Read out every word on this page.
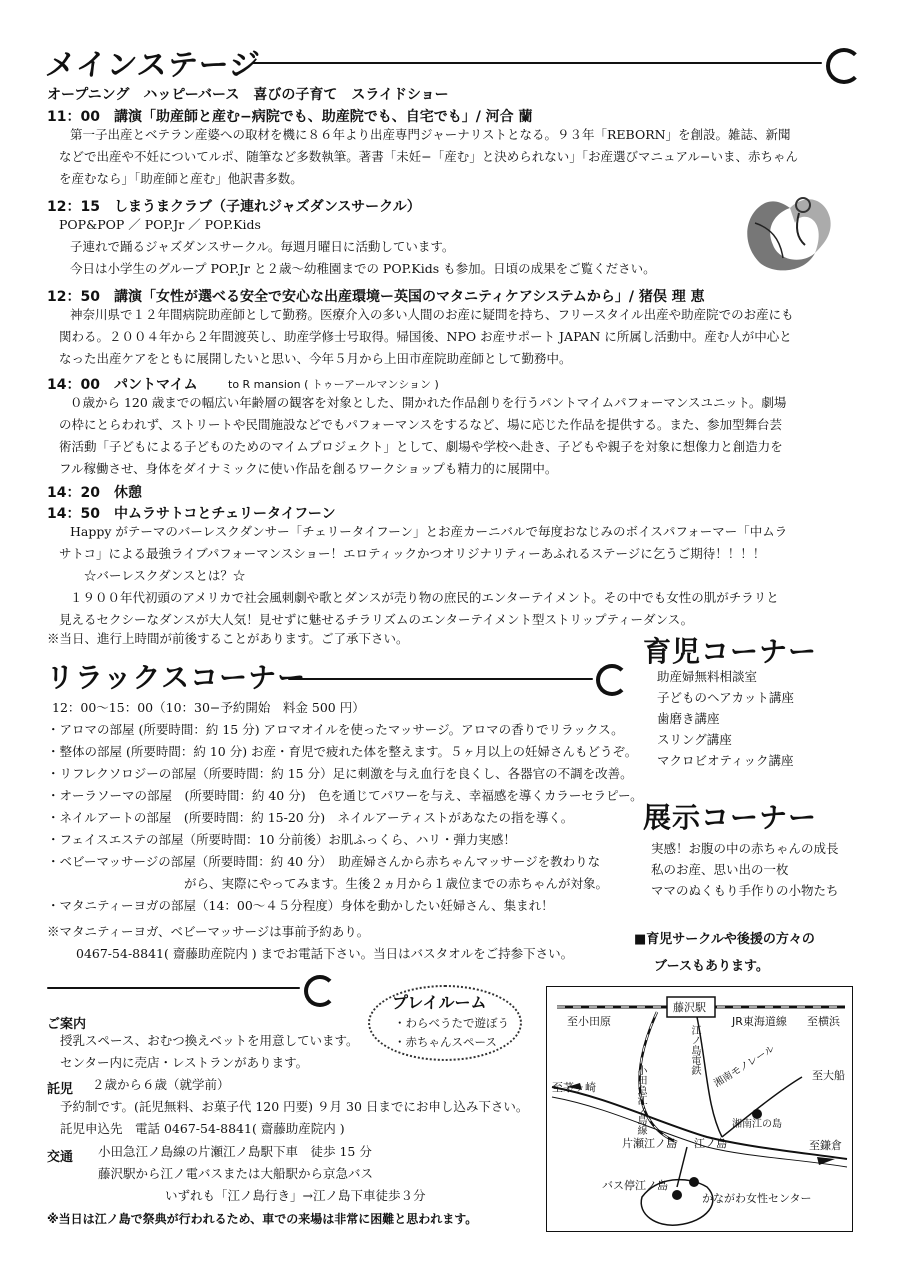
メインステージ
オープニング　ハッピーバース　喜びの子育て　スライドショー
11：00　講演「助産師と産む−病院でも、助産院でも、自宅でも」/ 河合 蘭
第一子出産とベテラン産婆への取材を機に８６年より出産専門ジャーナリストとなる。９３年「REBORN」を創設。雑誌、新聞
などで出産や不妊についてルポ、随筆など多数執筆。著書「未妊−「産む」と決められない」「お産選びマニュアル−いま、赤ちゃん
を産むなら」「助産師と産む」他訳書多数。
12：15　しまうまクラブ（子連れジャズダンスサークル）
POP&POP ／ POP.Jr ／ POP.Kids
子連れで踊るジャズダンスサークル。毎週月曜日に活動しています。
今日は小学生のグループ POP.Jr と２歳〜幼稚園までの POP.Kids も参加。日頃の成果をご覧ください。
12：50　講演「女性が選べる安全で安心な出産環境ー英国のマタニティケアシステムから」/ 猪俣 理 恵
神奈川県で１２年間病院助産師として勤務。医療介入の多い人間のお産に疑問を持ち、フリースタイル出産や助産院でのお産にも
関わる。２００４年から２年間渡英し、助産学修士号取得。帰国後、NPO お産サポート JAPAN に所属し活動中。産む人が中心と
なった出産ケアをともに展開したいと思い、今年５月から上田市産院助産師として勤務中。
14：00　パントマイム	to R mansion ( トゥーアールマンション )
０歳から 120 歳までの幅広い年齢層の観客を対象とした、開かれた作品創りを行うパントマイムパフォーマンスユニット。劇場
の枠にとらわれず、ストリートや民間施設などでもパフォーマンスをするなど、場に応じた作品を提供する。また、参加型舞台芸
術活動「子どもによる子どものためのマイムプロジェクト」として、劇場や学校へ赴き、子どもや親子を対象に想像力と創造力を
フル稼働させ、身体をダイナミックに使い作品を創るワークショップも精力的に展開中。
14：20　休憩
14：50　中ムラサトコとチェリータイフーン
Happy がテーマのバーレスクダンサー「チェリータイフーン」とお産カーニバルで毎度おなじみのボイスパフォーマー「中ムラ
サトコ」による最強ライブパフォーマンスショー！エロティックかつオリジナリティーあふれるステージに乞うご期待！！！！
☆バーレスクダンスとは？☆
１９００年代初頭のアメリカで社会風刺劇や歌とダンスが売り物の庶民的エンターテイメント。その中でも女性の肌がチラリと
見えるセクシーなダンスが大人気！見せずに魅せるチラリズムのエンターテイメント型ストリップティーダンス。
※当日、進行上時間が前後することがあります。ご了承下さい。
リラックスコーナー
12：00〜15：00（10：30−予約開始　料金 500 円）
・アロマの部屋 (所要時間：約 15 分) アロマオイルを使ったマッサージ。アロマの香りでリラックス。
・整体の部屋 (所要時間：約 10 分) お産・育児で疲れた体を整えます。５ヶ月以上の妊婦さんもどうぞ。
・リフレクソロジーの部屋（所要時間：約 15 分）足に刺激を与え血行を良くし、各器官の不調を改善。
・オーラソーマの部屋　(所要時間：約 40 分)　色を通じてパワーを与え、幸福感を導くカラーセラピー。
・ネイルアートの部屋　(所要時間：約 15-20 分)　ネイルアーティストがあなたの指を導く。
・フェイスエステの部屋（所要時間：10 分前後）お肌ふっくら、ハリ・弾力実感！
・ベビーマッサージの部屋（所要時間：約 40 分）　助産婦さんから赤ちゃんマッサージを教わりな
がら、実際にやってみます。生後２ヵ月から１歳位までの赤ちゃんが対象。
・マタニティーヨガの部屋（14：00〜４５分程度）身体を動かしたい妊婦さん、集まれ！
※マタニティーヨガ、ベビーマッサージは事前予約あり。
0467-54-8841( 齋藤助産院内 ) までお電話下さい。当日はバスタオルをご持参下さい。
育児コーナー
助産婦無料相談室
子どものヘアカット講座
歯磨き講座
スリング講座
マクロビオティック講座
展示コーナー
実感！お腹の中の赤ちゃんの成長
私のお産、思い出の一枚
ママのぬくもり手作りの小物たち
■育児サークルや後援の方々の
ブースもあります。
プレイルーム
・わらべうたで遊ぼう
・赤ちゃんスペース
ご案内
授乳スペース、おむつ換えベットを用意しています。
センター内に売店・レストランがあります。
託児 ２歳から６歳（就学前）
予約制です。(託児無料、お菓子代 120 円要) ９月 30 日までにお申し込み下さい。
託児申込先　電話 0467-54-8841( 齋藤助産院内 )
交通 小田急江ノ島線の片瀬江ノ島駅下車　徒歩 15 分
藤沢駅から江ノ電バスまたは大船駅から京急バス
いずれも「江ノ島行き」→江ノ島下車徒歩３分
※当日は江ノ島で祭典が行われるため、車での来場は非常に困難と思われます。
藤沢駅
至小田原	JR東海道線 至横浜
江ノ島電鉄
小田急江ノ島線
至茅ヶ崎	湘南モノレール	至大船
湘南江の島
片瀬江ノ島 江ノ島	至鎌倉
バス停江ノ島
かながわ女性センター
